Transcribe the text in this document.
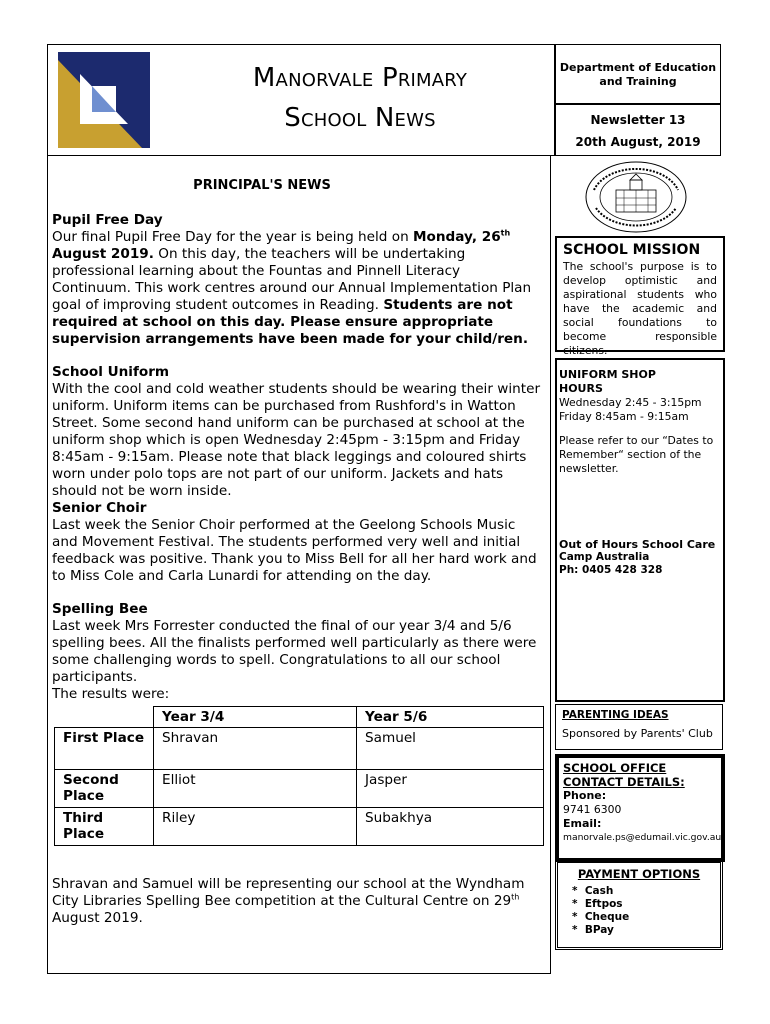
Manorvale Primary
School News
Department of Education and Training
Newsletter 13
20th August, 2019
PRINCIPAL'S NEWS

Pupil Free Day

Our final Pupil Free Day for the year is being held on Monday, 26th August 2019. On this day, the teachers will be undertaking professional learning about the Fountas and Pinnell Literacy Continuum. This work centres around our Annual Implementation Plan goal of improving student outcomes in Reading. Students are not required at school on this day. Please ensure appropriate supervision arrangements have been made for your child/ren.

School Uniform

With the cool and cold weather students should be wearing their winter uniform. Uniform items can be purchased from Rushford's in Watton Street. Some second hand uniform can be purchased at school at the uniform shop which is open Wednesday 2:45pm - 3:15pm and Friday 8:45am - 9:15am. Please note that black leggings and coloured shirts worn under polo tops are not part of our uniform. Jackets and hats should not be worn inside.

Senior Choir

Last week the Senior Choir performed at the Geelong Schools Music and Movement Festival. The students performed very well and initial feedback was positive. Thank you to Miss Bell for all her hard work and to Miss Cole and Carla Lunardi for attending on the day.

Spelling Bee

Last week Mrs Forrester conducted the final of our year 3/4 and 5/6 spelling bees. All the finalists performed well particularly as there were some challenging words to spell. Congratulations to all our school participants.

The results were:
	Year 3/4	Year 5/6
First Place	Shravan	Samuel
Second Place	Elliot	Jasper
Third Place	Riley	Subakhya
Shravan and Samuel will be representing our school at the Wyndham City Libraries Spelling Bee competition at the Cultural Centre on 29th August 2019.
SCHOOL MISSION
The school's purpose is to develop optimistic and aspirational students who have the academic and social foundations to become responsible citizens.
UNIFORM SHOP HOURS
Wednesday 2:45 - 3:15pm
Friday 8:45am - 9:15am
Please refer to our “Dates to Remember“ section of the newsletter.
Out of Hours School Care
Camp Australia
Ph: 0405 428 328
PARENTING IDEAS
Sponsored by Parents' Club
SCHOOL OFFICE CONTACT DETAILS:
Phone:
9741 6300
Email:
manorvale.ps@edumail.vic.gov.au
PAYMENT OPTIONS
*  Cash
*  Eftpos
*  Cheque
*  BPay
